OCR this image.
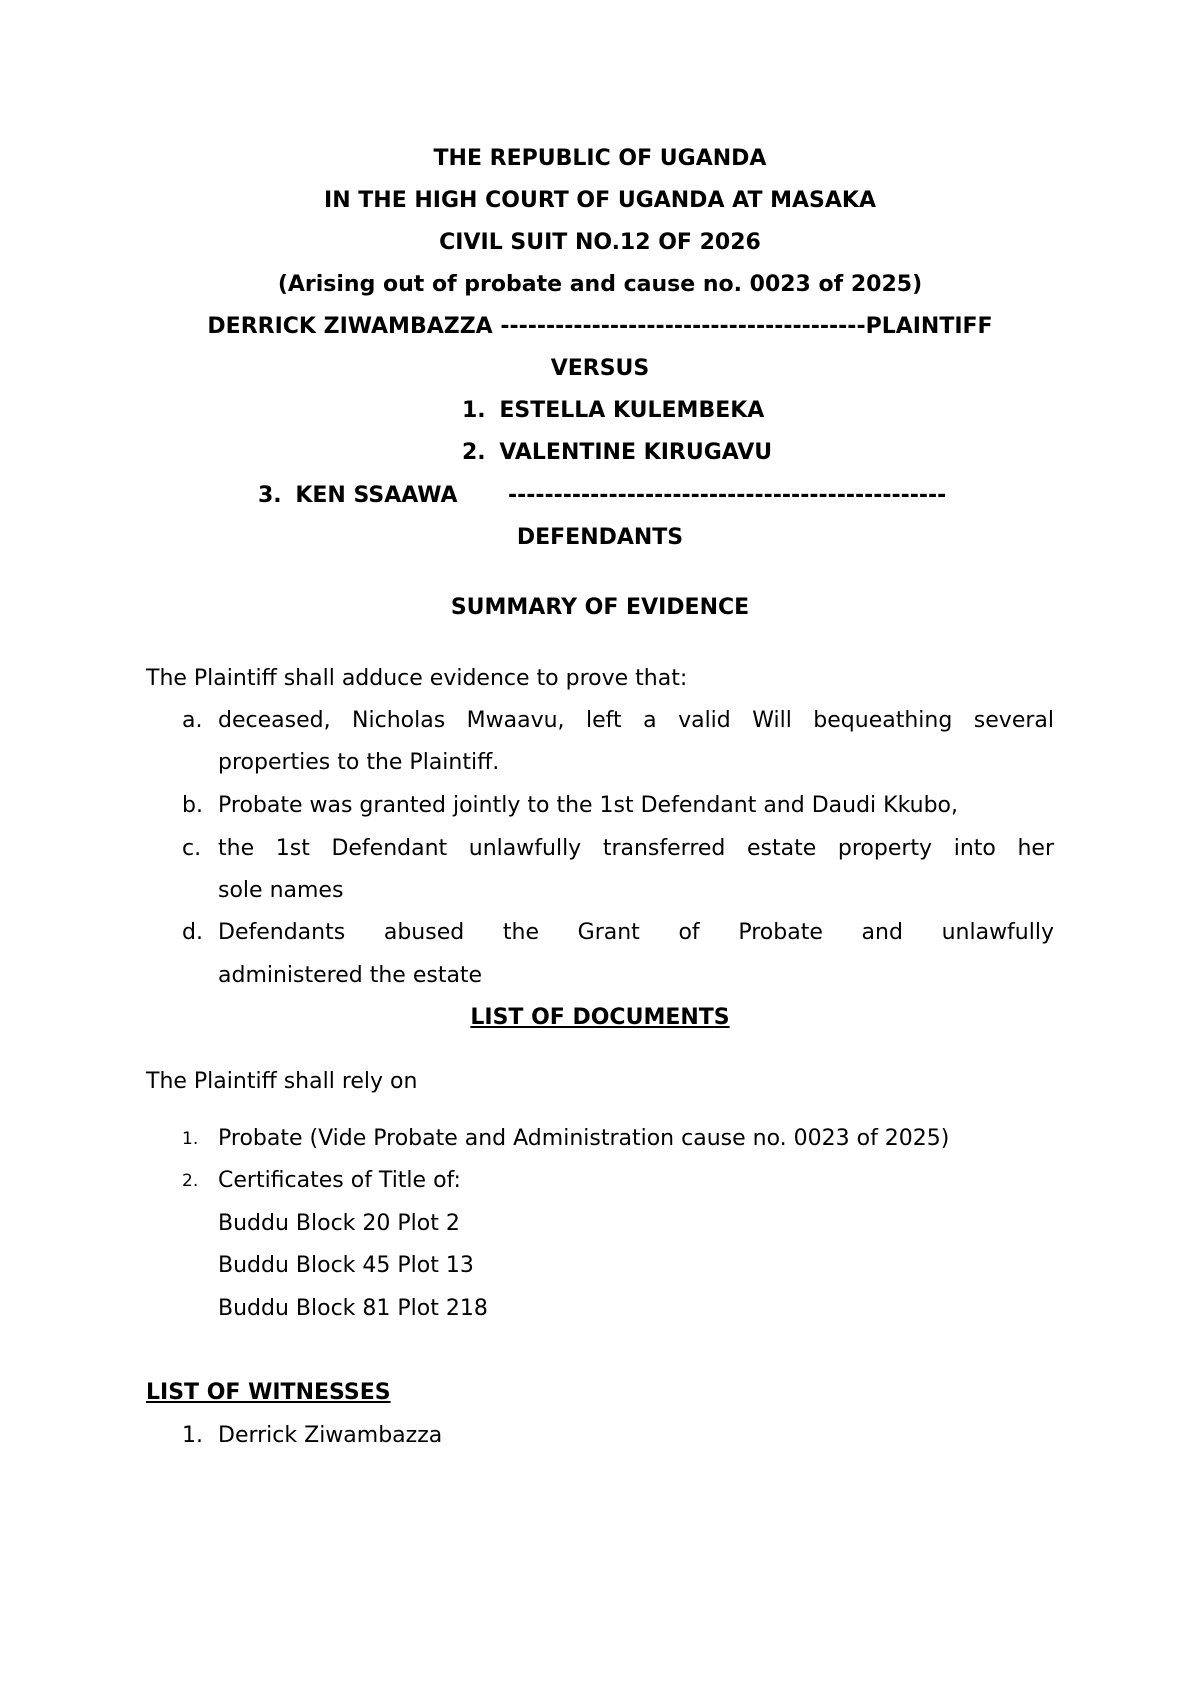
THE REPUBLIC OF UGANDA
IN THE HIGH COURT OF UGANDA AT MASAKA
CIVIL SUIT NO.12 OF 2026
(Arising out of probate and cause no. 0023 of 2025)
DERRICK ZIWAMBAZZA ----------------------------------------PLAINTIFF
VERSUS
1. ESTELLA KULEMBEKA
2. VALENTINE KIRUGAVU
3. KEN SSAAWA ------------------------------------------------
DEFENDANTS
SUMMARY OF EVIDENCE
The Plaintiff shall adduce evidence to prove that:
a. deceased, Nicholas Mwaavu, left a valid Will bequeathing several
properties to the Plaintiff.
b. Probate was granted jointly to the 1st Defendant and Daudi Kkubo,
c. the 1st Defendant unlawfully transferred estate property into her
sole names
d. Defendants abused the Grant of Probate and unlawfully
administered the estate
LIST OF DOCUMENTS
The Plaintiff shall rely on
1. Probate (Vide Probate and Administration cause no. 0023 of 2025)
2. Certificates of Title of:
Buddu Block 20 Plot 2
Buddu Block 45 Plot 13
Buddu Block 81 Plot 218
LIST OF WITNESSES
1. Derrick Ziwambazza
